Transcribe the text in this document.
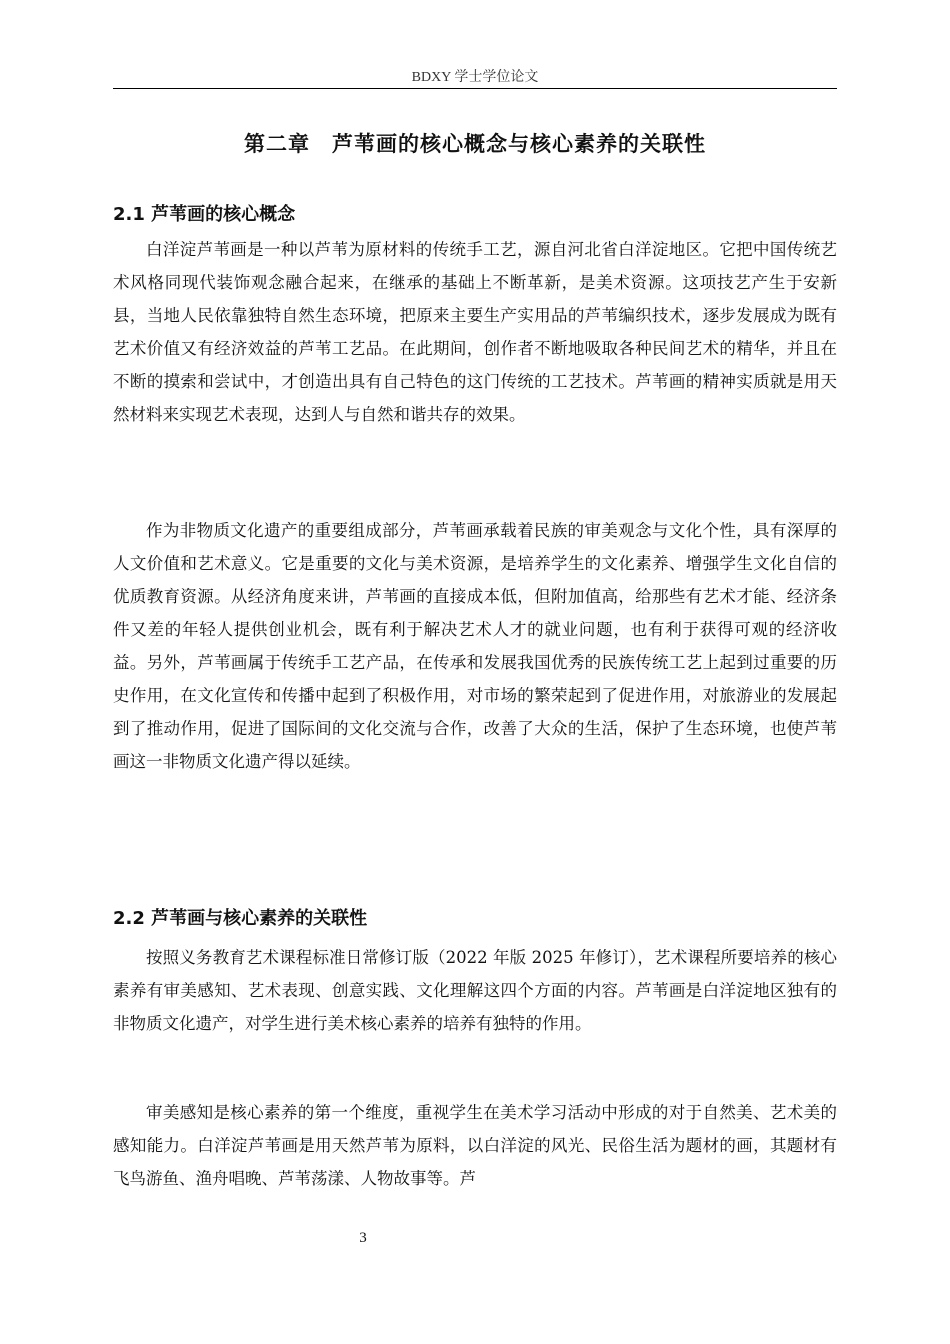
BDXY 学士学位论文
第二章　芦苇画的核心概念与核心素养的关联性
2.1 芦苇画的核心概念

白洋淀芦苇画是一种以芦苇为原材料的传统手工艺，源自河北省白洋淀地区。它把中国传统艺术风格同现代装饰观念融合起来，在继承的基础上不断革新，是美术资源。这项技艺产生于安新县，当地人民依靠独特自然生态环境，把原来主要生产实用品的芦苇编织技术，逐步发展成为既有艺术价值又有经济效益的芦苇工艺品。在此期间，创作者不断地吸取各种民间艺术的精华，并且在不断的摸索和尝试中，才创造出具有自己特色的这门传统的工艺技术。芦苇画的精神实质就是用天然材料来实现艺术表现，达到人与自然和谐共存的效果。

作为非物质文化遗产的重要组成部分，芦苇画承载着民族的审美观念与文化个性，具有深厚的人文价值和艺术意义。它是重要的文化与美术资源，是培养学生的文化素养、增强学生文化自信的优质教育资源。从经济角度来讲，芦苇画的直接成本低，但附加值高，给那些有艺术才能、经济条件又差的年轻人提供创业机会，既有利于解决艺术人才的就业问题，也有利于获得可观的经济收益。另外，芦苇画属于传统手工艺产品，在传承和发展我国优秀的民族传统工艺上起到过重要的历史作用，在文化宣传和传播中起到了积极作用，对市场的繁荣起到了促进作用，对旅游业的发展起到了推动作用，促进了国际间的文化交流与合作，改善了大众的生活，保护了生态环境，也使芦苇画这一非物质文化遗产得以延续。

2.2 芦苇画与核心素养的关联性

按照义务教育艺术课程标准日常修订版（2022 年版 2025 年修订），艺术课程所要培养的核心素养有审美感知、艺术表现、创意实践、文化理解这四个方面的内容。芦苇画是白洋淀地区独有的非物质文化遗产，对学生进行美术核心素养的培养有独特的作用。

审美感知是核心素养的第一个维度，重视学生在美术学习活动中形成的对于自然美、艺术美的感知能力。白洋淀芦苇画是用天然芦苇为原料，以白洋淀的风光、民俗生活为题材的画，其题材有飞鸟游鱼、渔舟唱晚、芦苇荡漾、人物故事等。芦

3
